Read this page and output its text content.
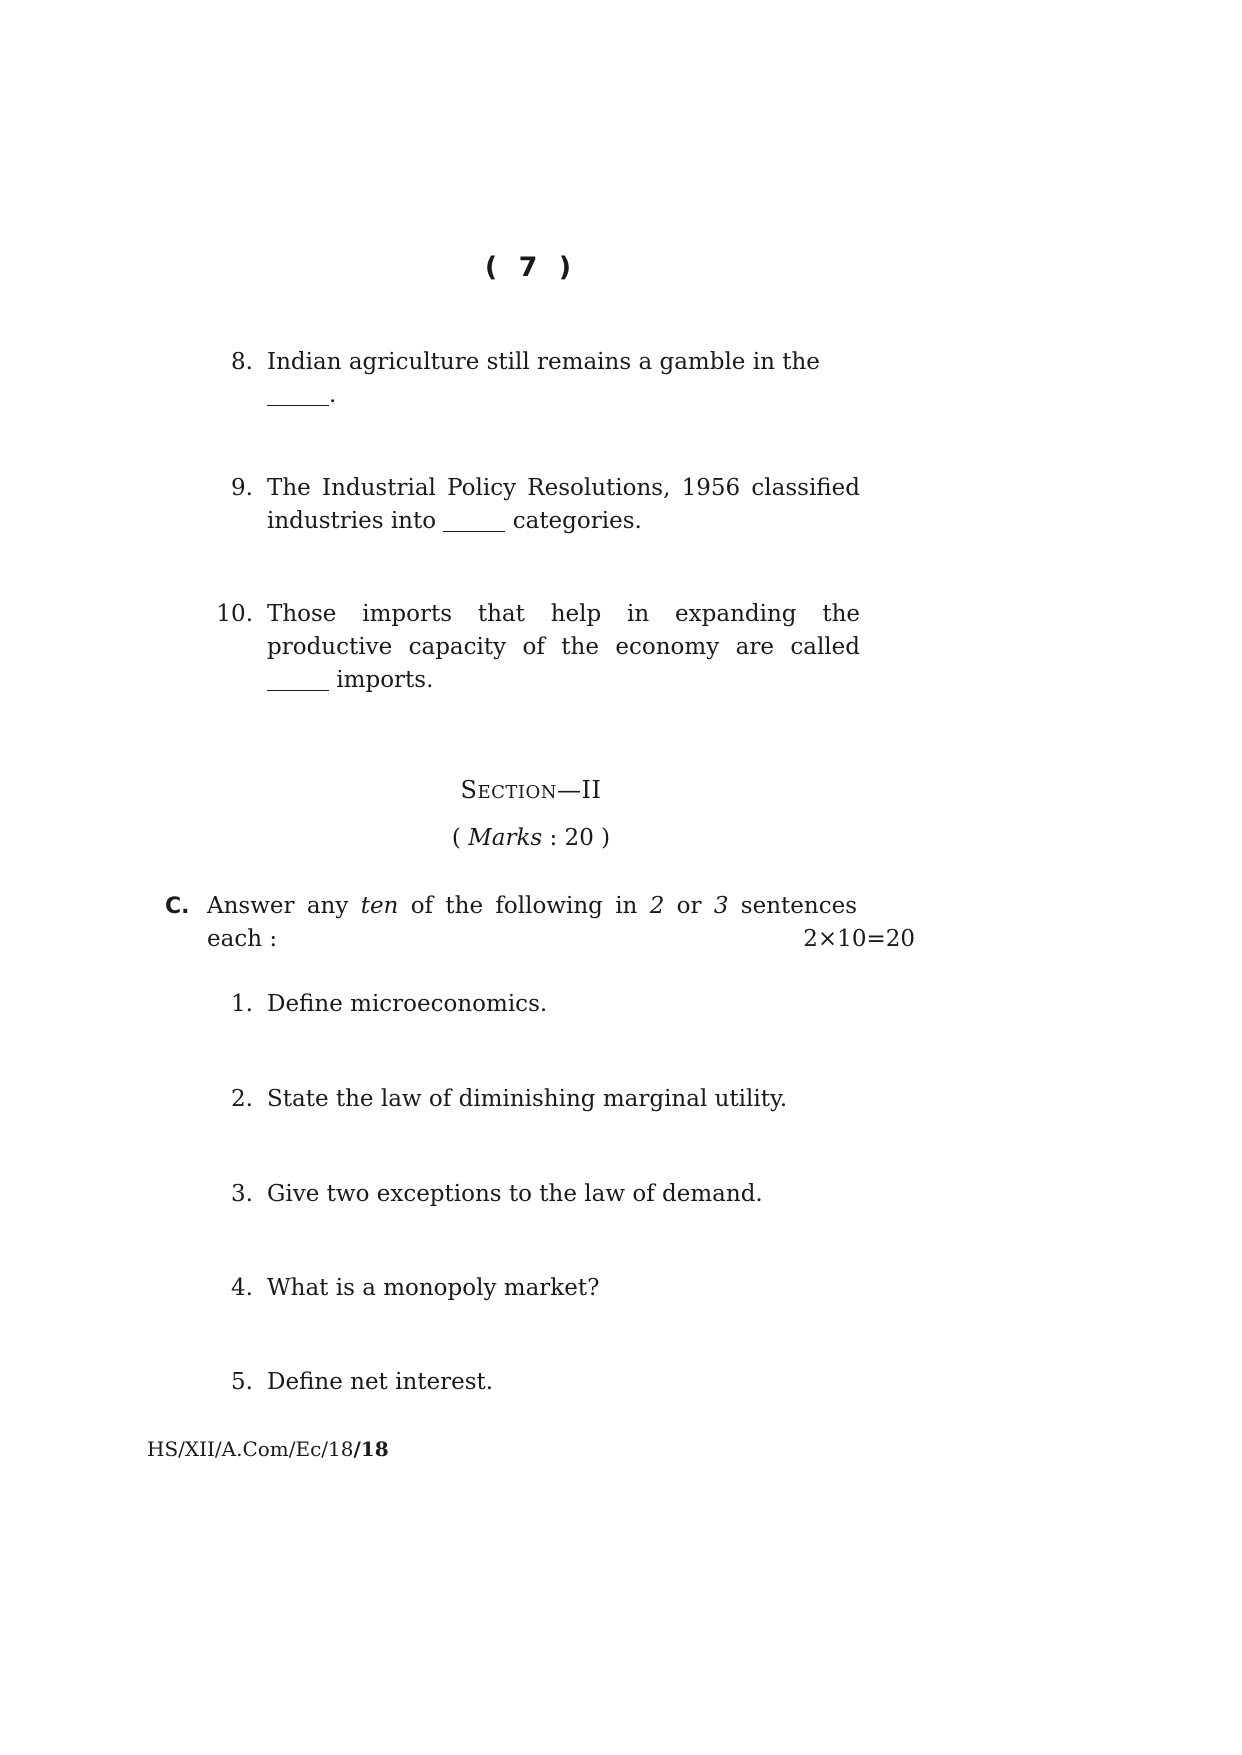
( 7 )
8. Indian agriculture still remains a gamble in the
.
9. The Industrial Policy Resolutions, 1956 classified industries into	categories.
10. Those imports that help in expanding the productive capacity of the economy are called  imports.
SECTION—II
( Marks : 20 )
C. Answer any ten of the following in 2 or 3 sentences
each :	2×10=20
1. Define microeconomics.
2. State the law of diminishing marginal utility.
3. Give two exceptions to the law of demand.
4. What is a monopoly market?
5. Define net interest.
HS/XII/A.Com/Ec/18/18
